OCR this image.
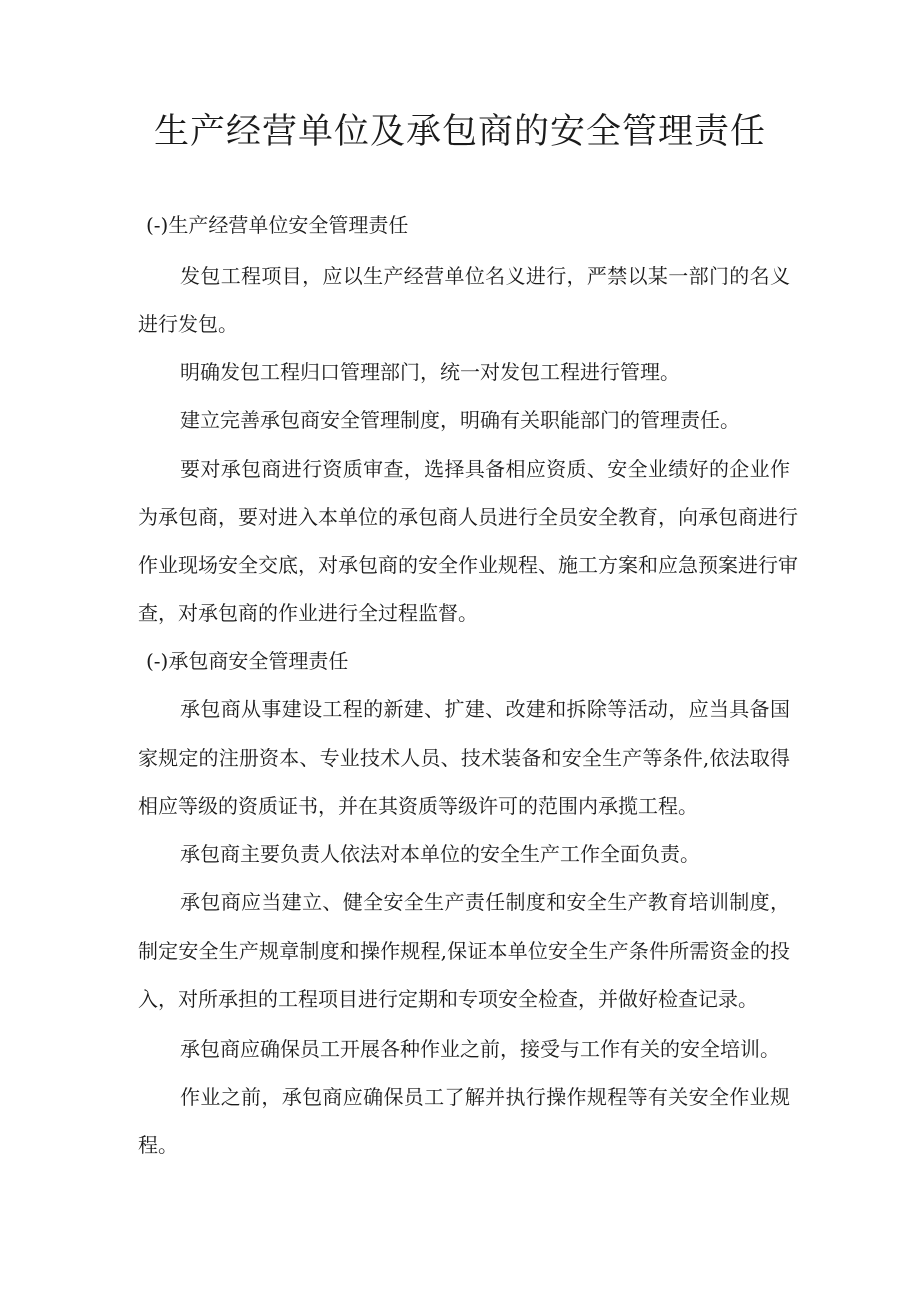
生产经营单位及承包商的安全管理责任
(-)生产经营单位安全管理责任
发包工程项目，应以生产经营单位名义进行，严禁以某一部门的名义
进行发包。
明确发包工程归口管理部门，统一对发包工程进行管理。
建立完善承包商安全管理制度，明确有关职能部门的管理责任。
要对承包商进行资质审查，选择具备相应资质、安全业绩好的企业作
为承包商，要对进入本单位的承包商人员进行全员安全教育，向承包商进行
作业现场安全交底，对承包商的安全作业规程、施工方案和应急预案进行审
查，对承包商的作业进行全过程监督。
(-)承包商安全管理责任
承包商从事建设工程的新建、扩建、改建和拆除等活动，应当具备国
家规定的注册资本、专业技术人员、技术装备和安全生产等条件,依法取得
相应等级的资质证书，并在其资质等级许可的范围内承揽工程。
承包商主要负责人依法对本单位的安全生产工作全面负责。
承包商应当建立、健全安全生产责任制度和安全生产教育培训制度，
制定安全生产规章制度和操作规程,保证本单位安全生产条件所需资金的投
入，对所承担的工程项目进行定期和专项安全检查，并做好检查记录。
承包商应确保员工开展各种作业之前，接受与工作有关的安全培训。
作业之前，承包商应确保员工了解并执行操作规程等有关安全作业规
程。
